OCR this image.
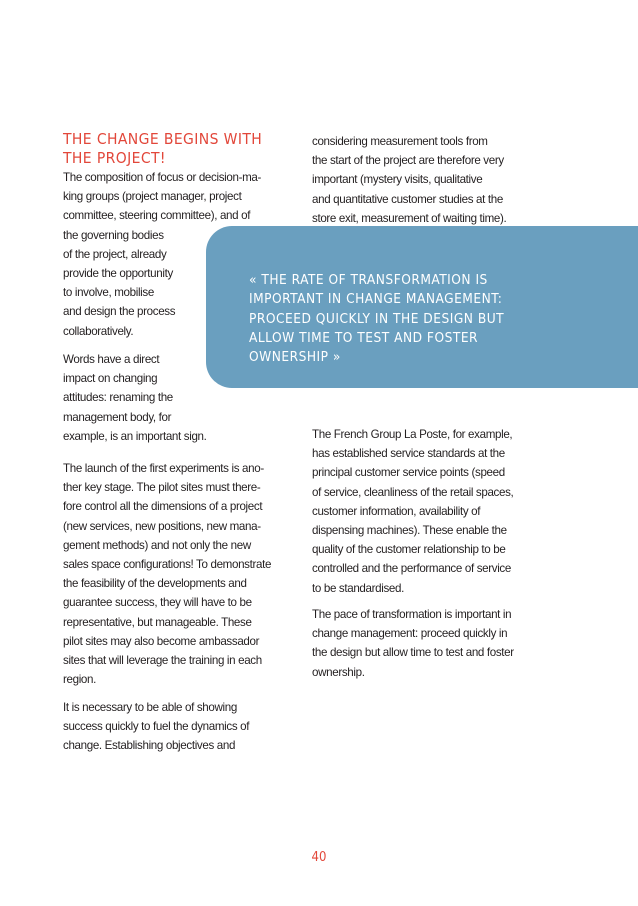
THE CHANGE BEGINS WITH
THE PROJECT!
The composition of focus or decision-ma-
king groups (project manager, project
committee, steering committee), and of
the governing bodies
of the project, already
provide the opportunity
to involve, mobilise
and design the process
collaboratively.
Words have a direct
impact on changing
attitudes: renaming the
management body, for
example, is an important sign.
The launch of the first experiments is ano-
ther key stage. The pilot sites must there-
fore control all the dimensions of a project
(new services, new positions, new mana-
gement methods) and not only the new
sales space configurations! To demonstrate
the feasibility of the developments and
guarantee success, they will have to be
representative, but manageable. These
pilot sites may also become ambassador
sites that will leverage the training in each
region.
It is necessary to be able of showing
success quickly to fuel the dynamics of
change. Establishing objectives and
considering measurement tools from
the start of the project are therefore very
important (mystery visits, qualitative
and quantitative customer studies at the
store exit, measurement of waiting time).
« THE RATE OF TRANSFORMATION IS
IMPORTANT IN CHANGE MANAGEMENT:
PROCEED QUICKLY IN THE DESIGN BUT
ALLOW TIME TO TEST AND FOSTER
OWNERSHIP »
The French Group La Poste, for example,
has established service standards at the
principal customer service points (speed
of service, cleanliness of the retail spaces,
customer information, availability of
dispensing machines). These enable the
quality of the customer relationship to be
controlled and the performance of service
to be standardised.
The pace of transformation is important in
change management: proceed quickly in
the design but allow time to test and foster
ownership.
40
